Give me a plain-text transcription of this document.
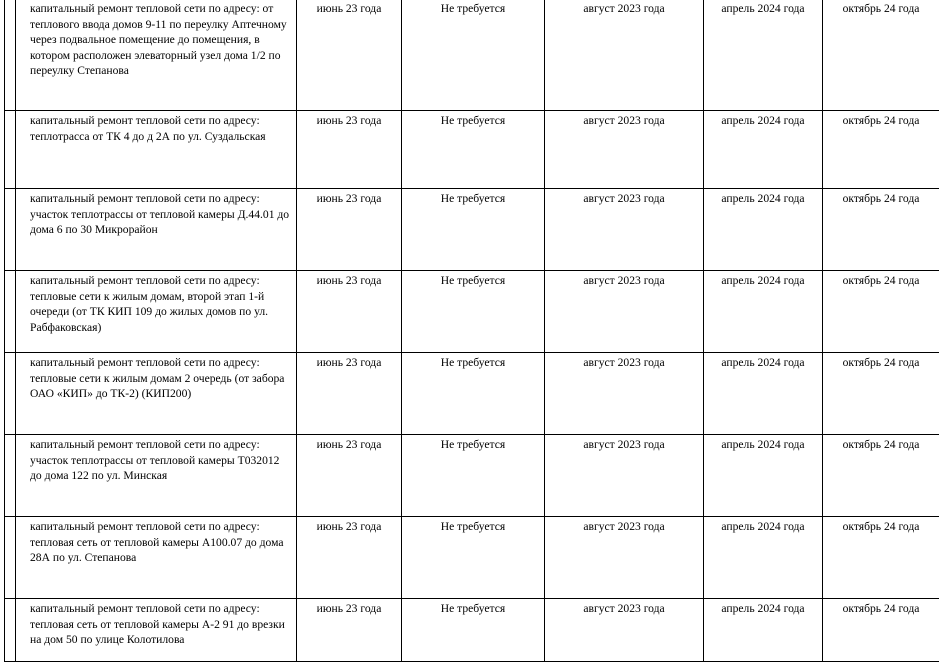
	капитальный ремонт тепловой сети по адресу: от теплового ввода домов 9-11 по переулку Аптечному через подвальное помещение до помещения, в котором расположен элеваторный узел дома 1/2 по переулку Степанова	июнь 23 года	Не требуется	август 2023 года	апрель 2024 года	октябрь 24 года
	капитальный ремонт тепловой сети по адресу: теплотрасса от ТК 4 до д 2А по ул. Суздальская	июнь 23 года	Не требуется	август 2023 года	апрель 2024 года	октябрь 24 года
	капитальный ремонт тепловой сети по адресу: участок теплотрассы от тепловой камеры Д.44.01 до дома 6 по 30 Микрорайон	июнь 23 года	Не требуется	август 2023 года	апрель 2024 года	октябрь 24 года
	капитальный ремонт тепловой сети по адресу: тепловые сети к жилым домам, второй этап 1-й очереди (от ТК КИП 109 до жилых домов по ул. Рабфаковская)	июнь 23 года	Не требуется	август 2023 года	апрель 2024 года	октябрь 24 года
	капитальный ремонт тепловой сети по адресу: тепловые сети к жилым домам 2 очередь (от забора ОАО «КИП» до ТК-2) (КИП200)	июнь 23 года	Не требуется	август 2023 года	апрель 2024 года	октябрь 24 года
	капитальный ремонт тепловой сети по адресу: участок теплотрассы от тепловой камеры Т032012 до дома 122 по ул. Минская	июнь 23 года	Не требуется	август 2023 года	апрель 2024 года	октябрь 24 года
	капитальный ремонт тепловой сети по адресу: тепловая сеть от тепловой камеры А100.07 до дома 28А по ул. Степанова	июнь 23 года	Не требуется	август 2023 года	апрель 2024 года	октябрь 24 года
	капитальный ремонт тепловой сети по адресу: тепловая сеть от тепловой камеры А-2 91 до врезки на дом 50 по улице Колотилова	июнь 23 года	Не требуется	август 2023 года	апрель 2024 года	октябрь 24 года
